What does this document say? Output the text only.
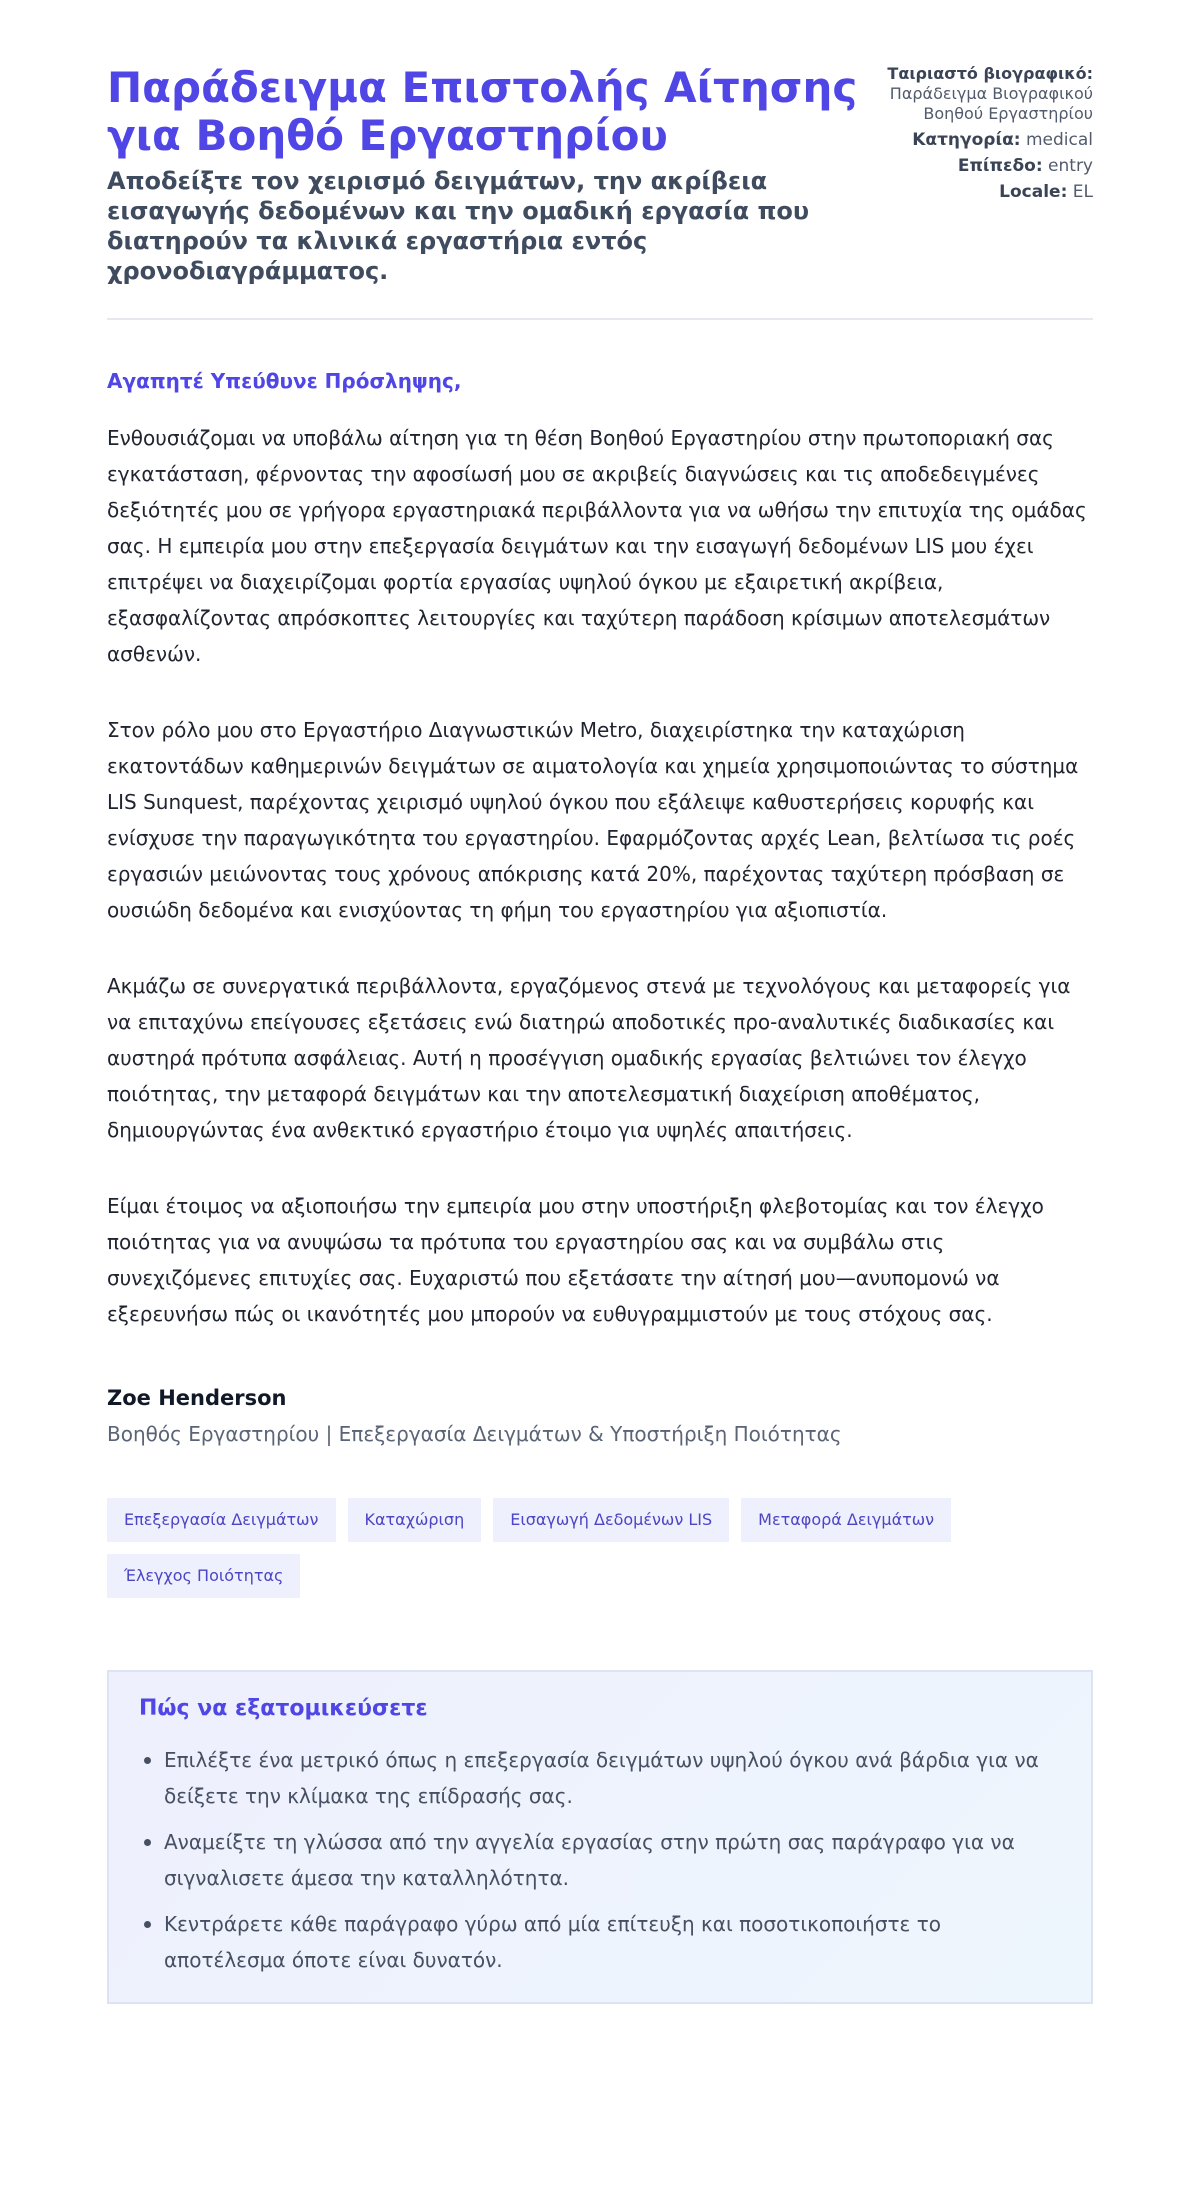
Παράδειγμα Επιστολής Αίτησης για Βοηθό Εργαστηρίου

Αποδείξτε τον χειρισμό δειγμάτων, την ακρίβεια εισαγωγής δεδομένων και την ομαδική εργασία που διατηρούν τα κλινικά εργαστήρια εντός χρονοδιαγράμματος.

Ταιριαστό βιογραφικό:
Παράδειγμα Βιογραφικού Βοηθού Εργαστηρίου
Κατηγορία: medical
Επίπεδο: entry
Locale: EL

Αγαπητέ Υπεύθυνε Πρόσληψης,

Ενθουσιάζομαι να υποβάλω αίτηση για τη θέση Βοηθού Εργαστηρίου στην πρωτοποριακή σας εγκατάσταση, φέρνοντας την αφοσίωσή μου σε ακριβείς διαγνώσεις και τις αποδεδειγμένες δεξιότητές μου σε γρήγορα εργαστηριακά περιβάλλοντα για να ωθήσω την επιτυχία της ομάδας σας. Η εμπειρία μου στην επεξεργασία δειγμάτων και την εισαγωγή δεδομένων LIS μου έχει επιτρέψει να διαχειρίζομαι φορτία εργασίας υψηλού όγκου με εξαιρετική ακρίβεια, εξασφαλίζοντας απρόσκοπτες λειτουργίες και ταχύτερη παράδοση κρίσιμων αποτελεσμάτων ασθενών.

Στον ρόλο μου στο Εργαστήριο Διαγνωστικών Metro, διαχειρίστηκα την καταχώριση εκατοντάδων καθημερινών δειγμάτων σε αιματολογία και χημεία χρησιμοποιώντας το σύστημα LIS Sunquest, παρέχοντας χειρισμό υψηλού όγκου που εξάλειψε καθυστερήσεις κορυφής και ενίσχυσε την παραγωγικότητα του εργαστηρίου. Εφαρμόζοντας αρχές Lean, βελτίωσα τις ροές εργασιών μειώνοντας τους χρόνους απόκρισης κατά 20%, παρέχοντας ταχύτερη πρόσβαση σε ουσιώδη δεδομένα και ενισχύοντας τη φήμη του εργαστηρίου για αξιοπιστία.

Ακμάζω σε συνεργατικά περιβάλλοντα, εργαζόμενος στενά με τεχνολόγους και μεταφορείς για να επιταχύνω επείγουσες εξετάσεις ενώ διατηρώ αποδοτικές προ-αναλυτικές διαδικασίες και αυστηρά πρότυπα ασφάλειας. Αυτή η προσέγγιση ομαδικής εργασίας βελτιώνει τον έλεγχο ποιότητας, την μεταφορά δειγμάτων και την αποτελεσματική διαχείριση αποθέματος, δημιουργώντας ένα ανθεκτικό εργαστήριο έτοιμο για υψηλές απαιτήσεις.

Είμαι έτοιμος να αξιοποιήσω την εμπειρία μου στην υποστήριξη φλεβοτομίας και τον έλεγχο ποιότητας για να ανυψώσω τα πρότυπα του εργαστηρίου σας και να συμβάλω στις συνεχιζόμενες επιτυχίες σας. Ευχαριστώ που εξετάσατε την αίτησή μου—ανυπομονώ να εξερευνήσω πώς οι ικανότητές μου μπορούν να ευθυγραμμιστούν με τους στόχους σας.

Zoe Henderson

Βοηθός Εργαστηρίου | Επεξεργασία Δειγμάτων & Υποστήριξη Ποιότητας

Επεξεργασία Δειγμάτων	Καταχώριση	Εισαγωγή Δεδομένων LIS	Μεταφορά Δειγμάτων
Έλεγχος Ποιότητας
Πώς να εξατομικεύσετε
Επιλέξτε ένα μετρικό όπως η επεξεργασία δειγμάτων υψηλού όγκου ανά βάρδια για να δείξετε την κλίμακα της επίδρασής σας.
Αναμείξτε τη γλώσσα από την αγγελία εργασίας στην πρώτη σας παράγραφο για να σιγναλισετε άμεσα την καταλληλότητα.
Κεντράρετε κάθε παράγραφο γύρω από μία επίτευξη και ποσοτικοποιήστε το αποτέλεσμα όποτε είναι δυνατόν.
